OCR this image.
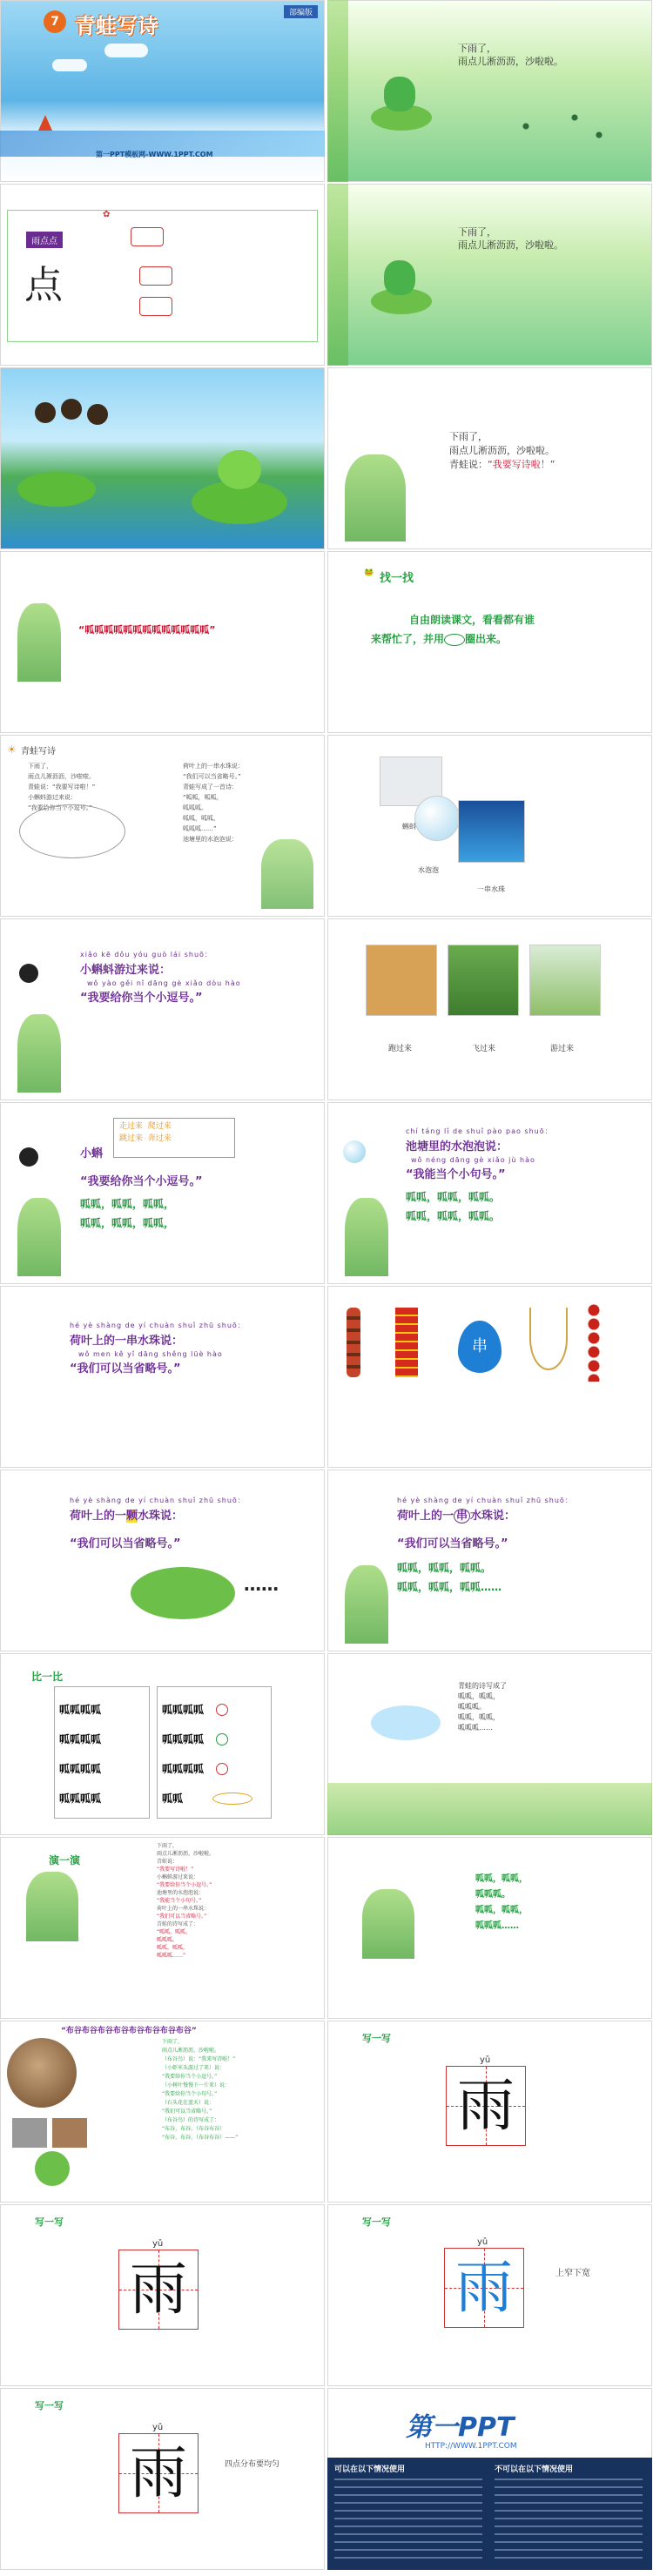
7 青蛙写诗
部编版
第一PPT模板网-WWW.1PPT.COM
下雨了，
雨点儿淅沥沥，沙啦啦。
雨点点
点
✿
下雨了，
雨点儿淅沥沥，沙啦啦。
下雨了，
雨点儿淅沥沥，沙啦啦。
青蛙说：“我要写诗啦！”
“呱呱呱呱呱呱呱呱呱呱呱呱呱”
🐸 找一找
自由朗读课文，看看都有谁
来帮忙了，并用 圈出来。
☀ 青蛙写诗
下雨了，
雨点儿淅沥沥，沙啦啦。
青蛙说：“我要写诗啦！”
小蝌蚪游过来说：
“我要给你当个小逗号。”
荷叶上的一串水珠说：
“我们可以当省略号。”
青蛙写成了一首诗：
“呱呱，呱呱，
呱呱呱。
呱呱，呱呱，
呱呱呱……”
池塘里的水泡泡说：
蝌蚪
水泡泡
一串水珠
xiǎo kē dǒu yóu guò lái shuō：
小蝌蚪游过来说：
wǒ yào gěi nǐ dāng gè xiǎo dòu hào
“我要给你当个小逗号。”
跑过来	飞过来	游过来
小蝌
走过来 爬过来
跳过来 奔过来
“我要给你当个小逗号。”
呱呱，呱呱，呱呱，
呱呱，呱呱，呱呱，
chí táng lǐ de shuǐ pào pao shuō：
池塘里的水泡泡说：
wǒ néng dāng gè xiǎo jù hào
“我能当个小句号。”
呱呱，呱呱，呱呱。
呱呱，呱呱，呱呱。
hé yè shàng de yí chuàn shuǐ zhū shuō：
荷叶上的一串水珠说：
wǒ men kě yǐ dāng shěng lüè hào
“我们可以当省略号。”
串
hé yè shàng de yí chuàn shuǐ zhū shuō：
荷叶上的一颗水珠说：
“我们可以当省略号。”
……
hé yè shàng de yí chuàn shuǐ zhū shuō：
荷叶上的一 串 水珠说：
“我们可以当省略号。”
呱呱，呱呱，呱呱。
呱呱，呱呱，呱呱……
比一比
呱呱呱呱
呱呱呱呱
呱呱呱呱
呱呱呱呱
呱呱呱呱
呱呱呱呱
呱呱呱呱
呱呱
青蛙的诗写成了
呱呱，呱呱，
呱呱呱。
呱呱，呱呱，
呱呱呱……
演一演
下雨了，
雨点儿淅沥沥，沙啦啦。
青蛙说：
“我要写诗啦！”
小蝌蚪游过来说：
“我要给你当个小逗号。”
池塘里的水泡泡说：
“我能当个小句号。”
荷叶上的一串水珠说：
“我们可以当省略号。”
青蛙的诗写成了：
“呱呱，呱呱，
呱呱呱。
呱呱，呱呱，
呱呱呱……”
呱呱，呱呱，
呱呱呱。
呱呱，呱呱，
呱呱呱……
“布谷布谷布谷布谷布谷布谷布谷布谷”
下雨了，
雨点儿淅沥沥，沙啦啦。
（布谷鸟）说：“我来写诗啦！”
（小虾米头游过了来）说：
“我要给你当个小逗号。”
（小树叶慢慢下一片来）说：
“我要给你当个小句号。”
（石头花在蓝天）说：
“我们可以当省略号。”
（布谷鸟）的诗写成了：
“布谷，布谷，（布谷布谷）
“布谷，布谷，（布谷布谷）——”
写一写
yǔ
雨
写一写
yǔ
雨
写一写
yǔ
雨	上窄下宽
写一写
yǔ
雨	四点分布要均匀
第一PPT
HTTP://WWW.1PPT.COM
可以在以下情况使用	不可以在以下情况使用
